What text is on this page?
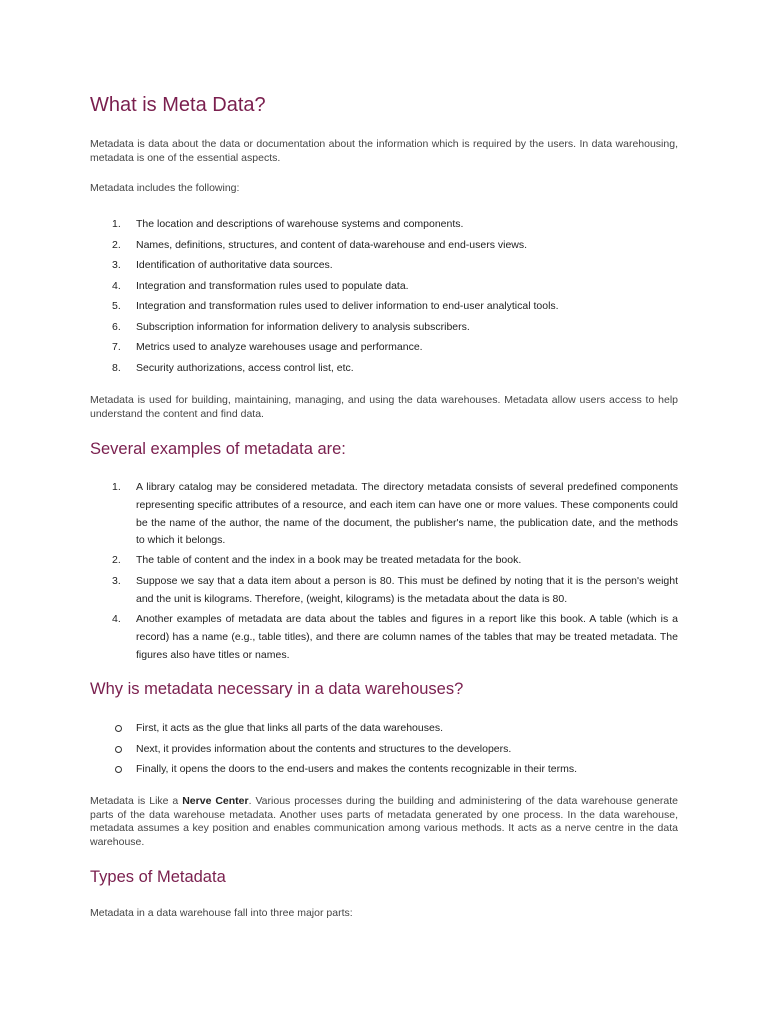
What is Meta Data?

Metadata is data about the data or documentation about the information which is required by the users. In data warehousing, metadata is one of the essential aspects.

Metadata includes the following:

1.	The location and descriptions of warehouse systems and components.
2.	Names, definitions, structures, and content of data-warehouse and end-users views.
3.	Identification of authoritative data sources.
4.	Integration and transformation rules used to populate data.
5.	Integration and transformation rules used to deliver information to end-user analytical tools.
6.	Subscription information for information delivery to analysis subscribers.
7.	Metrics used to analyze warehouses usage and performance.
8.	Security authorizations, access control list, etc.

Metadata is used for building, maintaining, managing, and using the data warehouses. Metadata allow users access to help understand the content and find data.

Several examples of metadata are:
1.	A library catalog may be considered metadata. The directory metadata consists of several predefined components representing specific attributes of a resource, and each item can have one or more values. These components could be the name of the author, the name of the document, the publisher's name, the publication date, and the methods to which it belongs.
2.	The table of content and the index in a book may be treated metadata for the book.
3.	Suppose we say that a data item about a person is 80. This must be defined by noting that it is the person's weight and the unit is kilograms. Therefore, (weight, kilograms) is the metadata about the data is 80.
4.	Another examples of metadata are data about the tables and figures in a report like this book. A table (which is a record) has a name (e.g., table titles), and there are column names of the tables that may be treated metadata. The figures also have titles or names.
Why is metadata necessary in a data warehouses?
First, it acts as the glue that links all parts of the data warehouses.
Next, it provides information about the contents and structures to the developers.
Finally, it opens the doors to the end-users and makes the contents recognizable in their terms.

Metadata is Like a Nerve Center. Various processes during the building and administering of the data warehouse generate parts of the data warehouse metadata. Another uses parts of metadata generated by one process. In the data warehouse, metadata assumes a key position and enables communication among various methods. It acts as a nerve centre in the data warehouse.

Types of Metadata

Metadata in a data warehouse fall into three major parts:
